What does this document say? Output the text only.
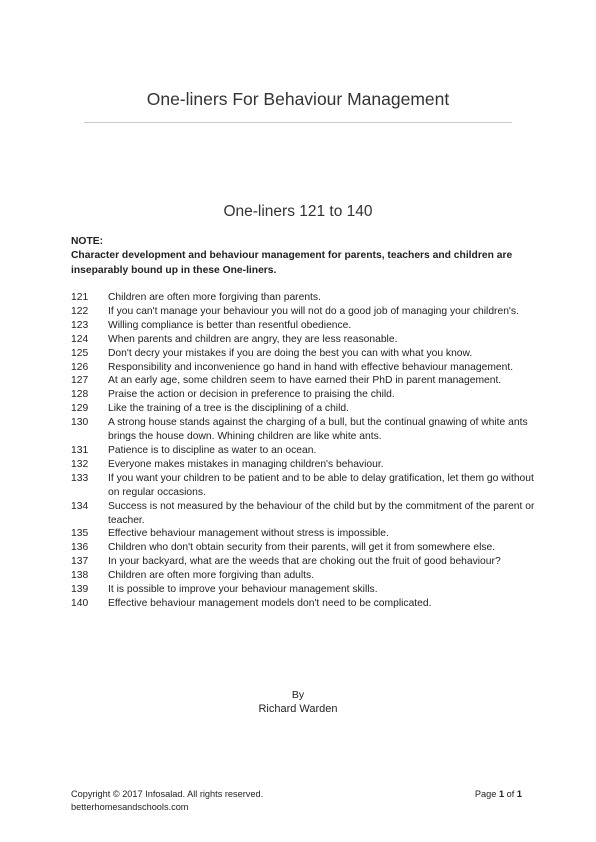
One-liners For Behaviour Management
One-liners 121 to 140
NOTE:
Character development and behaviour management for parents, teachers and children are inseparably bound up in these One-liners.
121	Children are often more forgiving than parents.
122	If you can't manage your behaviour you will not do a good job of managing your children's.
123	Willing compliance is better than resentful obedience.
124	When parents and children are angry, they are less reasonable.
125	Don't decry your mistakes if you are doing the best you can with what you know.
126	Responsibility and inconvenience go hand in hand with effective behaviour management.
127	At an early age, some children seem to have earned their PhD in parent management.
128	Praise the action or decision in preference to praising the child.
129	Like the training of a tree is the disciplining of a child.
130	A strong house stands against the charging of a bull, but the continual gnawing of white ants brings the house down. Whining children are like white ants.
131	Patience is to discipline as water to an ocean.
132	Everyone makes mistakes in managing children's behaviour.
133	If you want your children to be patient and to be able to delay gratification, let them go without on regular occasions.
134	Success is not measured by the behaviour of the child but by the commitment of the parent or teacher.
135	Effective behaviour management without stress is impossible.
136	Children who don't obtain security from their parents, will get it from somewhere else.
137	In your backyard, what are the weeds that are choking out the fruit of good behaviour?
138	Children are often more forgiving than adults.
139	It is possible to improve your behaviour management skills.
140	Effective behaviour management models don't need to be complicated.
By
Richard Warden
Copyright © 2017 Infosalad. All rights reserved.
betterhomesandschools.com
Page 1 of 1
